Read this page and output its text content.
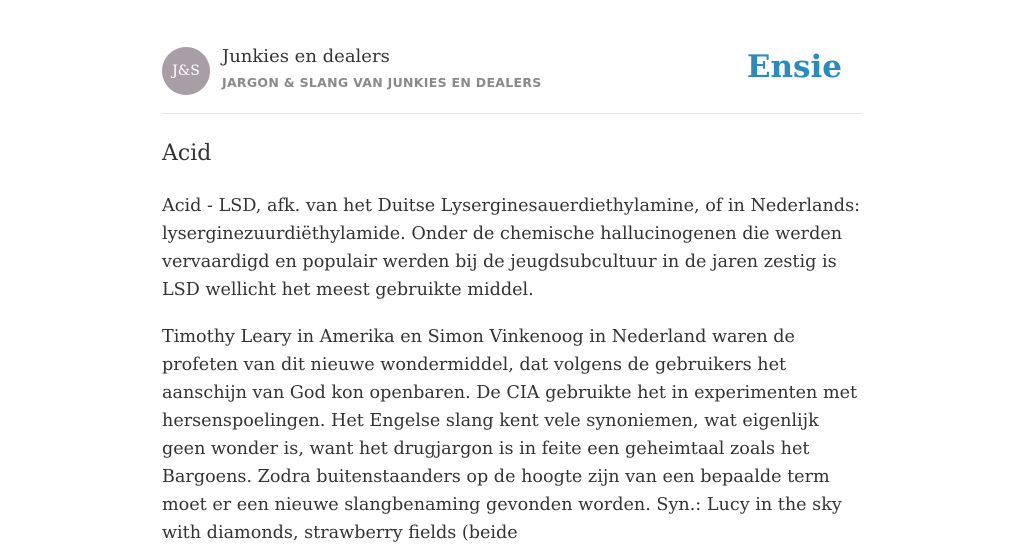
J&S
Junkies en dealers
JARGON & SLANG VAN JUNKIES EN DEALERS	Ensie
Acid

Acid - LSD, afk. van het Duitse Lyserginesauerdiethylamine, of in Nederlands: lyserginezuurdiëthylamide. Onder de chemische hallucinogenen die werden vervaardigd en populair werden bij de jeugdsubcultuur in de jaren zestig is LSD wellicht het meest gebruikte middel.

Timothy Leary in Amerika en Simon Vinkenoog in Nederland waren de profeten van dit nieuwe wondermiddel, dat volgens de gebruikers het aanschijn van God kon openbaren. De CIA gebruikte het in experimenten met hersenspoelingen. Het Engelse slang kent vele synoniemen, wat eigenlijk geen wonder is, want het drugjargon is in feite een geheimtaal zoals het Bargoens. Zodra buitenstaanders op de hoogte zijn van een bepaalde term moet er een nieuwe slangbenaming gevonden worden. Syn.: Lucy in the sky with diamonds, strawberry fields (beide
